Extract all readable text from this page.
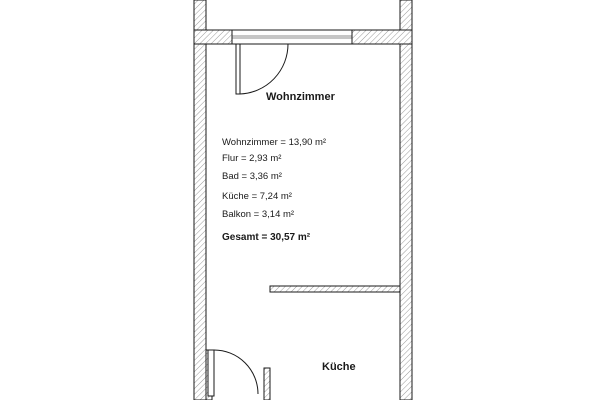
Wohnzimmer
Wohnzimmer = 13,90 m²
Flur = 2,93 m²
Bad = 3,36 m²
Küche = 7,24 m²
Balkon = 3,14 m²
Gesamt = 30,57 m²
Küche
